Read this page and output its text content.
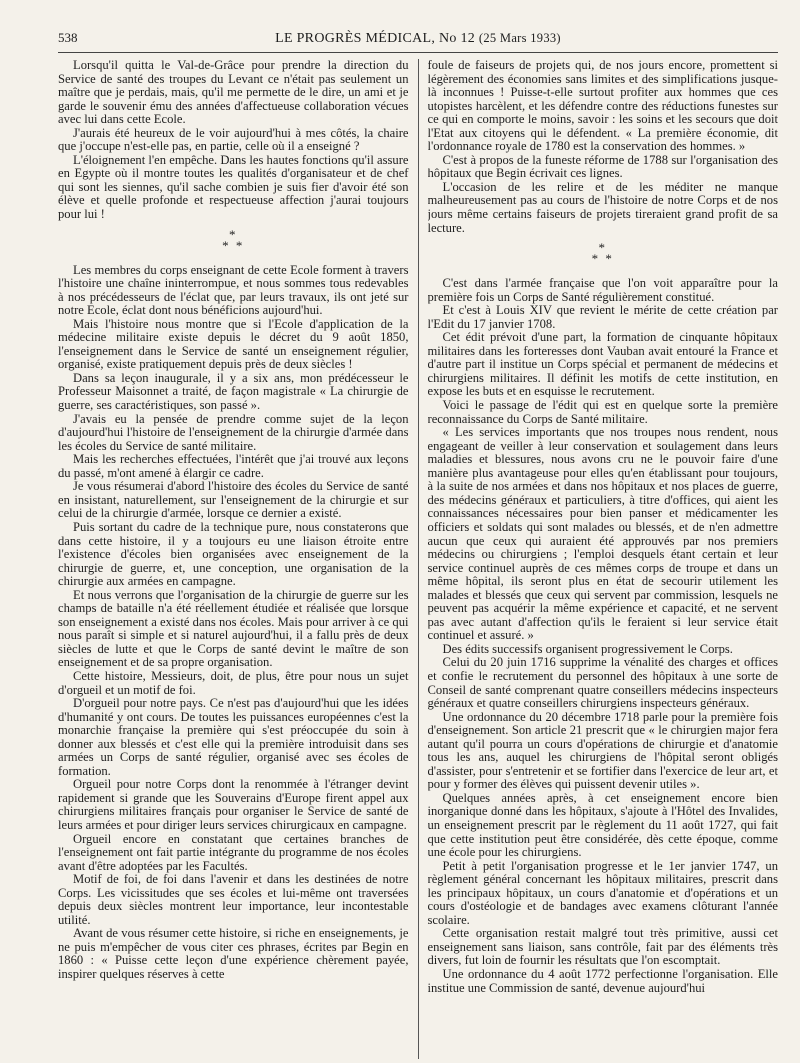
538	LE PROGRÈS MÉDICAL, No 12 (25 Mars 1933)

Lorsqu'il quitta le Val-de-Grâce pour prendre la direction du Service de santé des troupes du Levant ce n'était pas seulement un maître que je perdais, mais, qu'il me permette de le dire, un ami et je garde le souvenir ému des années d'affectueuse collaboration vécues avec lui dans cette Ecole.

J'aurais été heureux de le voir aujourd'hui à mes côtés, la chaire que j'occupe n'est-elle pas, en partie, celle où il a enseigné ?

L'éloignement l'en empêche. Dans les hautes fonctions qu'il assure en Egypte où il montre toutes les qualités d'organisateur et de chef qui sont les siennes, qu'il sache combien je suis fier d'avoir été son élève et quelle profonde et respectueuse affection j'aurai toujours pour lui !

*
* *

Les membres du corps enseignant de cette Ecole forment à travers l'histoire une chaîne ininterrompue, et nous sommes tous redevables à nos précédesseurs de l'éclat que, par leurs travaux, ils ont jeté sur notre Ecole, éclat dont nous bénéficions aujourd'hui.

Mais l'histoire nous montre que si l'Ecole d'application de la médecine militaire existe depuis le décret du 9 août 1850, l'enseignement dans le Service de santé un enseignement régulier, organisé, existe pratiquement depuis près de deux siècles !

Dans sa leçon inaugurale, il y a six ans, mon prédécesseur le Professeur Maisonnet a traité, de façon magistrale « La chirurgie de guerre, ses caractéristiques, son passé ».

J'avais eu la pensée de prendre comme sujet de la leçon d'aujourd'hui l'histoire de l'enseignement de la chirurgie d'armée dans les écoles du Service de santé militaire.

Mais les recherches effectuées, l'intérêt que j'ai trouvé aux leçons du passé, m'ont amené à élargir ce cadre.

Je vous résumerai d'abord l'histoire des écoles du Service de santé en insistant, naturellement, sur l'enseignement de la chirurgie et sur celui de la chirurgie d'armée, lorsque ce dernier a existé.

Puis sortant du cadre de la technique pure, nous constaterons que dans cette histoire, il y a toujours eu une liaison étroite entre l'existence d'écoles bien organisées avec enseignement de la chirurgie de guerre, et, une conception, une organisation de la chirurgie aux armées en campagne.

Et nous verrons que l'organisation de la chirurgie de guerre sur les champs de bataille n'a été réellement étudiée et réalisée que lorsque son enseignement a existé dans nos écoles. Mais pour arriver à ce qui nous paraît si simple et si naturel aujourd'hui, il a fallu près de deux siècles de lutte et que le Corps de santé devint le maître de son enseignement et de sa propre organisation.

Cette histoire, Messieurs, doit, de plus, être pour nous un sujet d'orgueil et un motif de foi.

D'orgueil pour notre pays. Ce n'est pas d'aujourd'hui que les idées d'humanité y ont cours. De toutes les puissances européennes c'est la monarchie française la première qui s'est préoccupée du soin à donner aux blessés et c'est elle qui la première introduisit dans ses armées un Corps de santé régulier, organisé avec ses écoles de formation.

Orgueil pour notre Corps dont la renommée à l'étranger devint rapidement si grande que les Souverains d'Europe firent appel aux chirurgiens militaires français pour organiser le Service de santé de leurs armées et pour diriger leurs services chirurgicaux en campagne.

Orgueil encore en constatant que certaines branches de l'enseignement ont fait partie intégrante du programme de nos écoles avant d'être adoptées par les Facultés.

Motif de foi, de foi dans l'avenir et dans les destinées de notre Corps. Les vicissitudes que ses écoles et lui-même ont traversées depuis deux siècles montrent leur importance, leur incontestable utilité.

Avant de vous résumer cette histoire, si riche en enseignements, je ne puis m'empêcher de vous citer ces phrases, écrites par Begin en 1860 : « Puisse cette leçon d'une expérience chèrement payée, inspirer quelques réserves à cette

foule de faiseurs de projets qui, de nos jours encore, promettent si légèrement des économies sans limites et des simplifications jusque-là inconnues ! Puisse-t-elle surtout profiter aux hommes que ces utopistes harcèlent, et les défendre contre des réductions funestes sur ce qui en comporte le moins, savoir : les soins et les secours que doit l'Etat aux citoyens qui le défendent. « La première économie, dit l'ordonnance royale de 1780 est la conservation des hommes. »

C'est à propos de la funeste réforme de 1788 sur l'organisation des hôpitaux que Begin écrivait ces lignes.

L'occasion de les relire et de les méditer ne manque malheureusement pas au cours de l'histoire de notre Corps et de nos jours même certains faiseurs de projets tireraient grand profit de sa lecture.

*
* *

C'est dans l'armée française que l'on voit apparaître pour la première fois un Corps de Santé régulièrement constitué.

Et c'est à Louis XIV que revient le mérite de cette création par l'Edit du 17 janvier 1708.

Cet édit prévoit d'une part, la formation de cinquante hôpitaux militaires dans les forteresses dont Vauban avait entouré la France et d'autre part il institue un Corps spécial et permanent de médecins et chirurgiens militaires. Il définit les motifs de cette institution, en expose les buts et en esquisse le recrutement.

Voici le passage de l'édit qui est en quelque sorte la première reconnaissance du Corps de Santé militaire.

« Les services importants que nos troupes nous rendent, nous engageant de veiller à leur conservation et soulagement dans leurs maladies et blessures, nous avons cru ne le pouvoir faire d'une manière plus avantageuse pour elles qu'en établissant pour toujours, à la suite de nos armées et dans nos hôpitaux et nos places de guerre, des médecins généraux et particuliers, à titre d'offices, qui aient les connaissances nécessaires pour bien panser et médicamenter les officiers et soldats qui sont malades ou blessés, et de n'en admettre aucun que ceux qui auraient été approuvés par nos premiers médecins ou chirurgiens ; l'emploi desquels étant certain et leur service continuel auprès de ces mêmes corps de troupe et dans un même hôpital, ils seront plus en état de secourir utilement les malades et blessés que ceux qui servent par commission, lesquels ne peuvent pas acquérir la même expérience et capacité, et ne servent pas avec autant d'affection qu'ils le feraient si leur service était continuel et assuré. »

Des édits successifs organisent progressivement le Corps.

Celui du 20 juin 1716 supprime la vénalité des charges et offices et confie le recrutement du personnel des hôpitaux à une sorte de Conseil de santé comprenant quatre conseillers médecins inspecteurs généraux et quatre conseillers chirurgiens inspecteurs généraux.

Une ordonnance du 20 décembre 1718 parle pour la première fois d'enseignement. Son article 21 prescrit que « le chirurgien major fera autant qu'il pourra un cours d'opérations de chirurgie et d'anatomie tous les ans, auquel les chirurgiens de l'hôpital seront obligés d'assister, pour s'entretenir et se fortifier dans l'exercice de leur art, et pour y former des élèves qui puissent devenir utiles ».

Quelques années après, à cet enseignement encore bien inorganique donné dans les hôpitaux, s'ajoute à l'Hôtel des Invalides, un enseignement prescrit par le règlement du 11 août 1727, qui fait que cette institution peut être considérée, dès cette époque, comme une école pour les chirurgiens.

Petit à petit l'organisation progresse et le 1er janvier 1747, un règlement général concernant les hôpitaux militaires, prescrit dans les principaux hôpitaux, un cours d'anatomie et d'opérations et un cours d'ostéologie et de bandages avec examens clôturant l'année scolaire.

Cette organisation restait malgré tout très primitive, aussi cet enseignement sans liaison, sans contrôle, fait par des éléments très divers, fut loin de fournir les résultats que l'on escomptait.

Une ordonnance du 4 août 1772 perfectionne l'organisation. Elle institue une Commission de santé, devenue aujourd'hui
